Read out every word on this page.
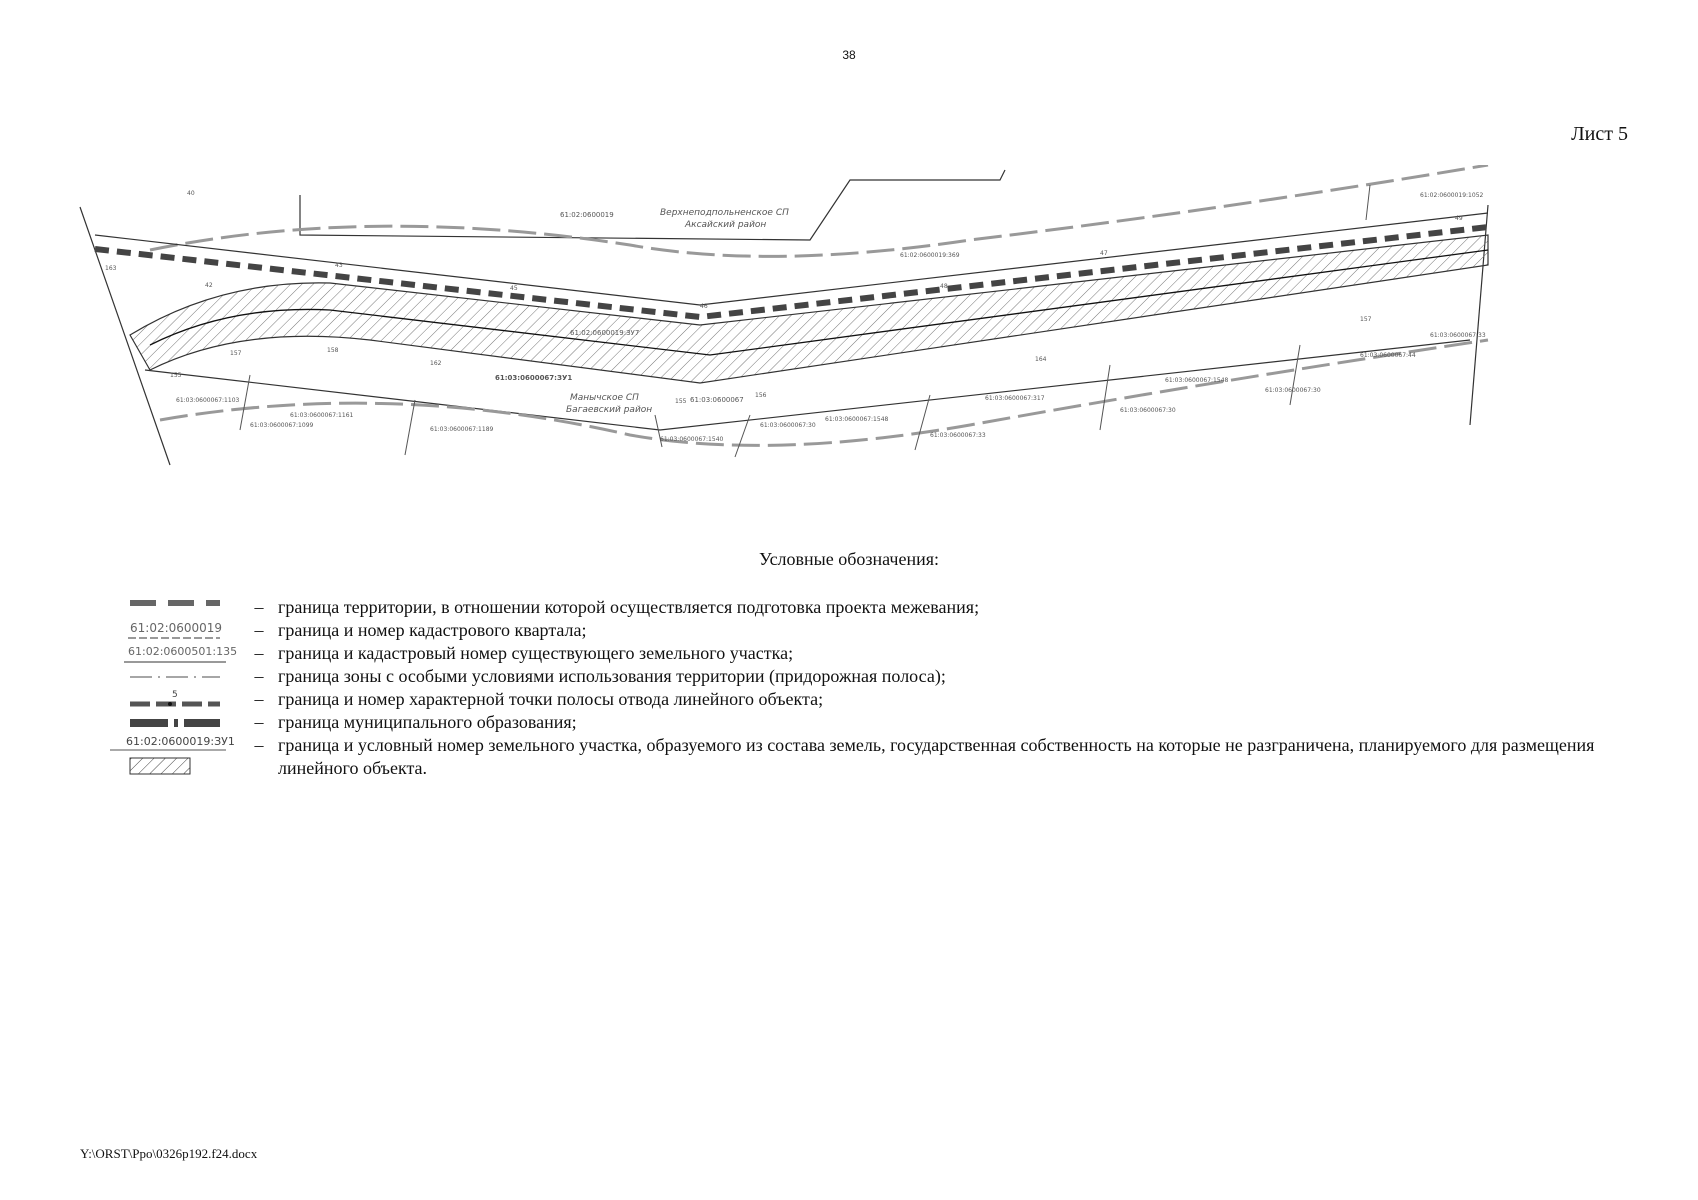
38
Лист 5
Верхнеподпольненское СП
Аксайский район
Манычское СП
Багаевский район
61:02:0600019
61:02:0600019:369
61:02:0600019:1052
61:02:0600019:ЗУ7
61:03:0600067:ЗУ1
61:03:0600067
61:03:0600067:33
61:03:0600067:44
61:03:0600067:1103
61:03:0600067:1099
61:03:0600067:1161
61:03:0600067:1189
61:03:0600067:1540
61:03:0600067:30
61:03:0600067:1548
61:03:0600067:33
61:03:0600067:317
61:03:0600067:1548
61:03:0600067:30
61:03:0600067:30
40
42
43
45
46
47
48
49
155
157	158
162
164
155
156
157
163
Условные обозначения:
– граница территории, в отношении которой осуществляется подготовка проекта межевания;
61:02:0600019	– граница и номер кадастрового квартала;
61:02:0600501:135 – граница и кадастровый номер существующего земельного участка;
– граница зоны с особыми условиями использования территории (придорожная полоса);
5	– граница и номер характерной точки полосы отвода линейного объекта;
– граница муниципального образования;
61:02:0600019:ЗУ1	– граница и условный номер земельного участка, образуемого из состава земель, государственная собственность на которые не разграничена, планируемого для размещения линейного объекта.
Y:\ORST\Ppo\0326p192.f24.docx
